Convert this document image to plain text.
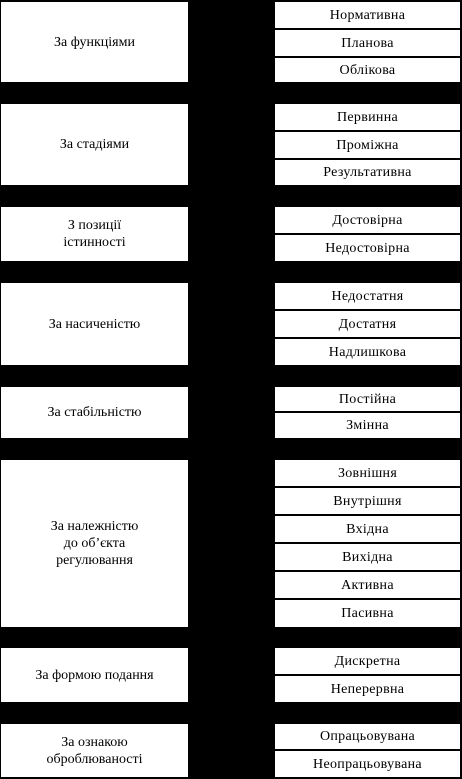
За функціями
Нормативна
Планова
Облікова
За стадіями
Первинна
Проміжна
Результативна
З позиції
істинності
Достовірна
Недостовірна
За насиченістю
Недостатня
Достатня
Надлишкова
За стабільністю
Постійна
Змінна
За належністю
до об’єкта
регулювання
Зовнішня
Внутрішня
Вхідна
Вихідна
Активна
Пасивна
За формою подання
Дискретна
Неперервна
За ознакою
оброблюваності
Опрацьовувана
Неопрацьовувана
